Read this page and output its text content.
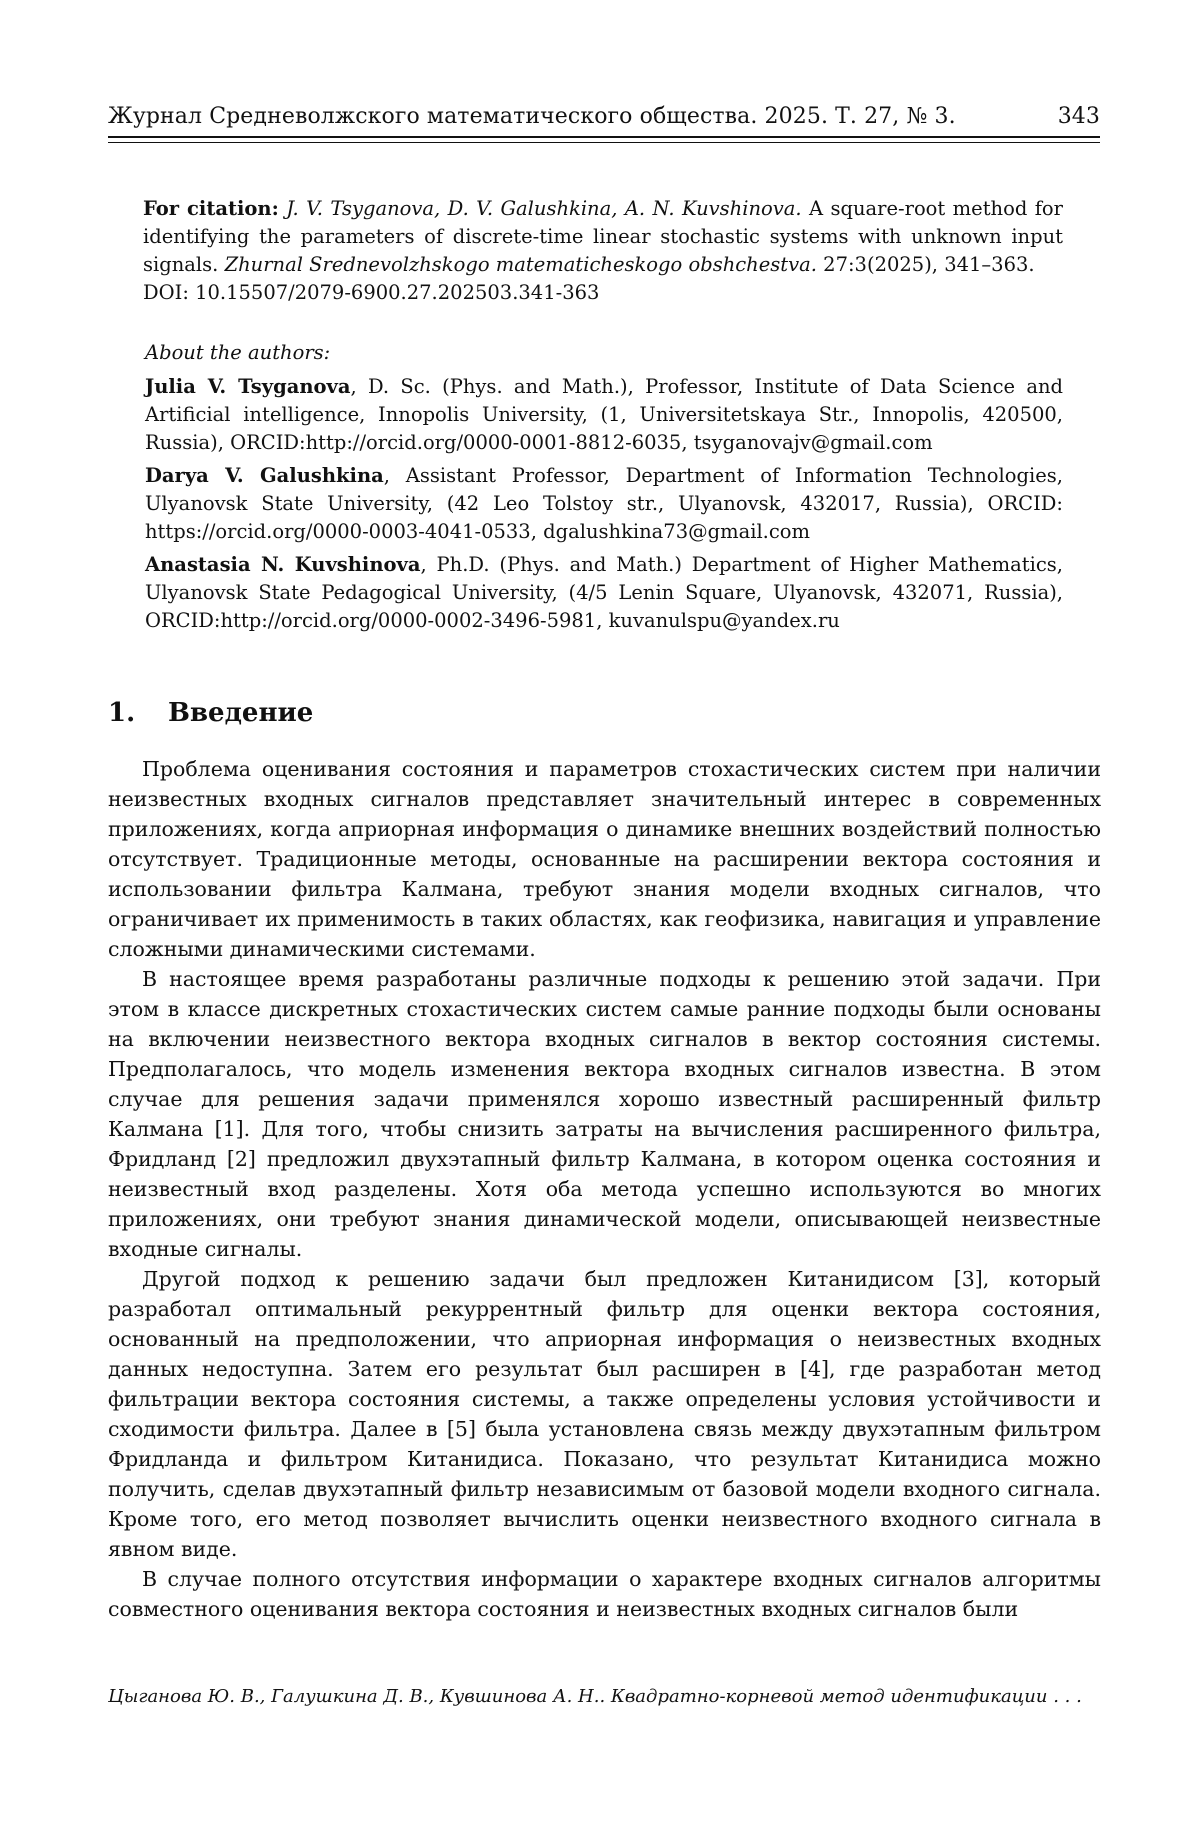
Журнал Средневолжского математического общества. 2025. Т. 27, № 3.	343
For citation: J. V. Tsyganova, D. V. Galushkina, A. N. Kuvshinova. A square-root method for identifying the parameters of discrete-time linear stochastic systems with unknown input signals. Zhurnal Srednevolzhskogo matematicheskogo obshchestva. 27:3(2025), 341–363.
DOI: 10.15507/2079-6900.27.202503.341-363
About the authors:
Julia V. Tsyganova, D. Sc. (Phys. and Math.), Professor, Institute of Data Science and Artificial intelligence, Innopolis University, (1, Universitetskaya Str., Innopolis, 420500, Russia), ORCID:http://orcid.org/0000-0001-8812-6035, tsyganovajv@gmail.com
Darya V. Galushkina, Assistant Professor, Department of Information Technologies, Ulyanovsk State University, (42 Leo Tolstoy str., Ulyanovsk, 432017, Russia), ORCID: https://orcid.org/0000-0003-4041-0533, dgalushkina73@gmail.com
Anastasia N. Kuvshinova, Ph.D. (Phys. and Math.) Department of Higher Mathematics, Ulyanovsk State Pedagogical University, (4/5 Lenin Square, Ulyanovsk, 432071, Russia), ORCID:http://orcid.org/0000-0002-3496-5981, kuvanulspu@yandex.ru
1. Введение

Проблема оценивания состояния и параметров стохастических систем при наличии неизвестных входных сигналов представляет значительный интерес в современных приложениях, когда априорная информация о динамике внешних воздействий полностью отсутствует. Традиционные методы, основанные на расширении вектора состояния и использовании фильтра Калмана, требуют знания модели входных сигналов, что ограничивает их применимость в таких областях, как геофизика, навигация и управление сложными динамическими системами.

В настоящее время разработаны различные подходы к решению этой задачи. При этом в классе дискретных стохастических систем самые ранние подходы были основаны на включении неизвестного вектора входных сигналов в вектор состояния системы. Предполагалось, что модель изменения вектора входных сигналов известна. В этом случае для решения задачи применялся хорошо известный расширенный фильтр Калмана [1]. Для того, чтобы снизить затраты на вычисления расширенного фильтра, Фридланд [2] предложил двухэтапный фильтр Калмана, в котором оценка состояния и неизвестный вход разделены. Хотя оба метода успешно используются во многих приложениях, они требуют знания динамической модели, описывающей неизвестные входные сигналы.

Другой подход к решению задачи был предложен Китанидисом [3], который разработал оптимальный рекуррентный фильтр для оценки вектора состояния, основанный на предположении, что априорная информация о неизвестных входных данных недоступна. Затем его результат был расширен в [4], где разработан метод фильтрации вектора состояния системы, а также определены условия устойчивости и сходимости фильтра. Далее в [5] была установлена связь между двухэтапным фильтром Фридланда и фильтром Китанидиса. Показано, что результат Китанидиса можно получить, сделав двухэтапный фильтр независимым от базовой модели входного сигнала. Кроме того, его метод позволяет вычислить оценки неизвестного входного сигнала в явном виде.

В случае полного отсутствия информации о характере входных сигналов алгоритмы совместного оценивания вектора состояния и неизвестных входных сигналов были

Цыганова Ю. В., Галушкина Д. В., Кувшинова А. Н.. Квадратно-корневой метод идентификации . . .
